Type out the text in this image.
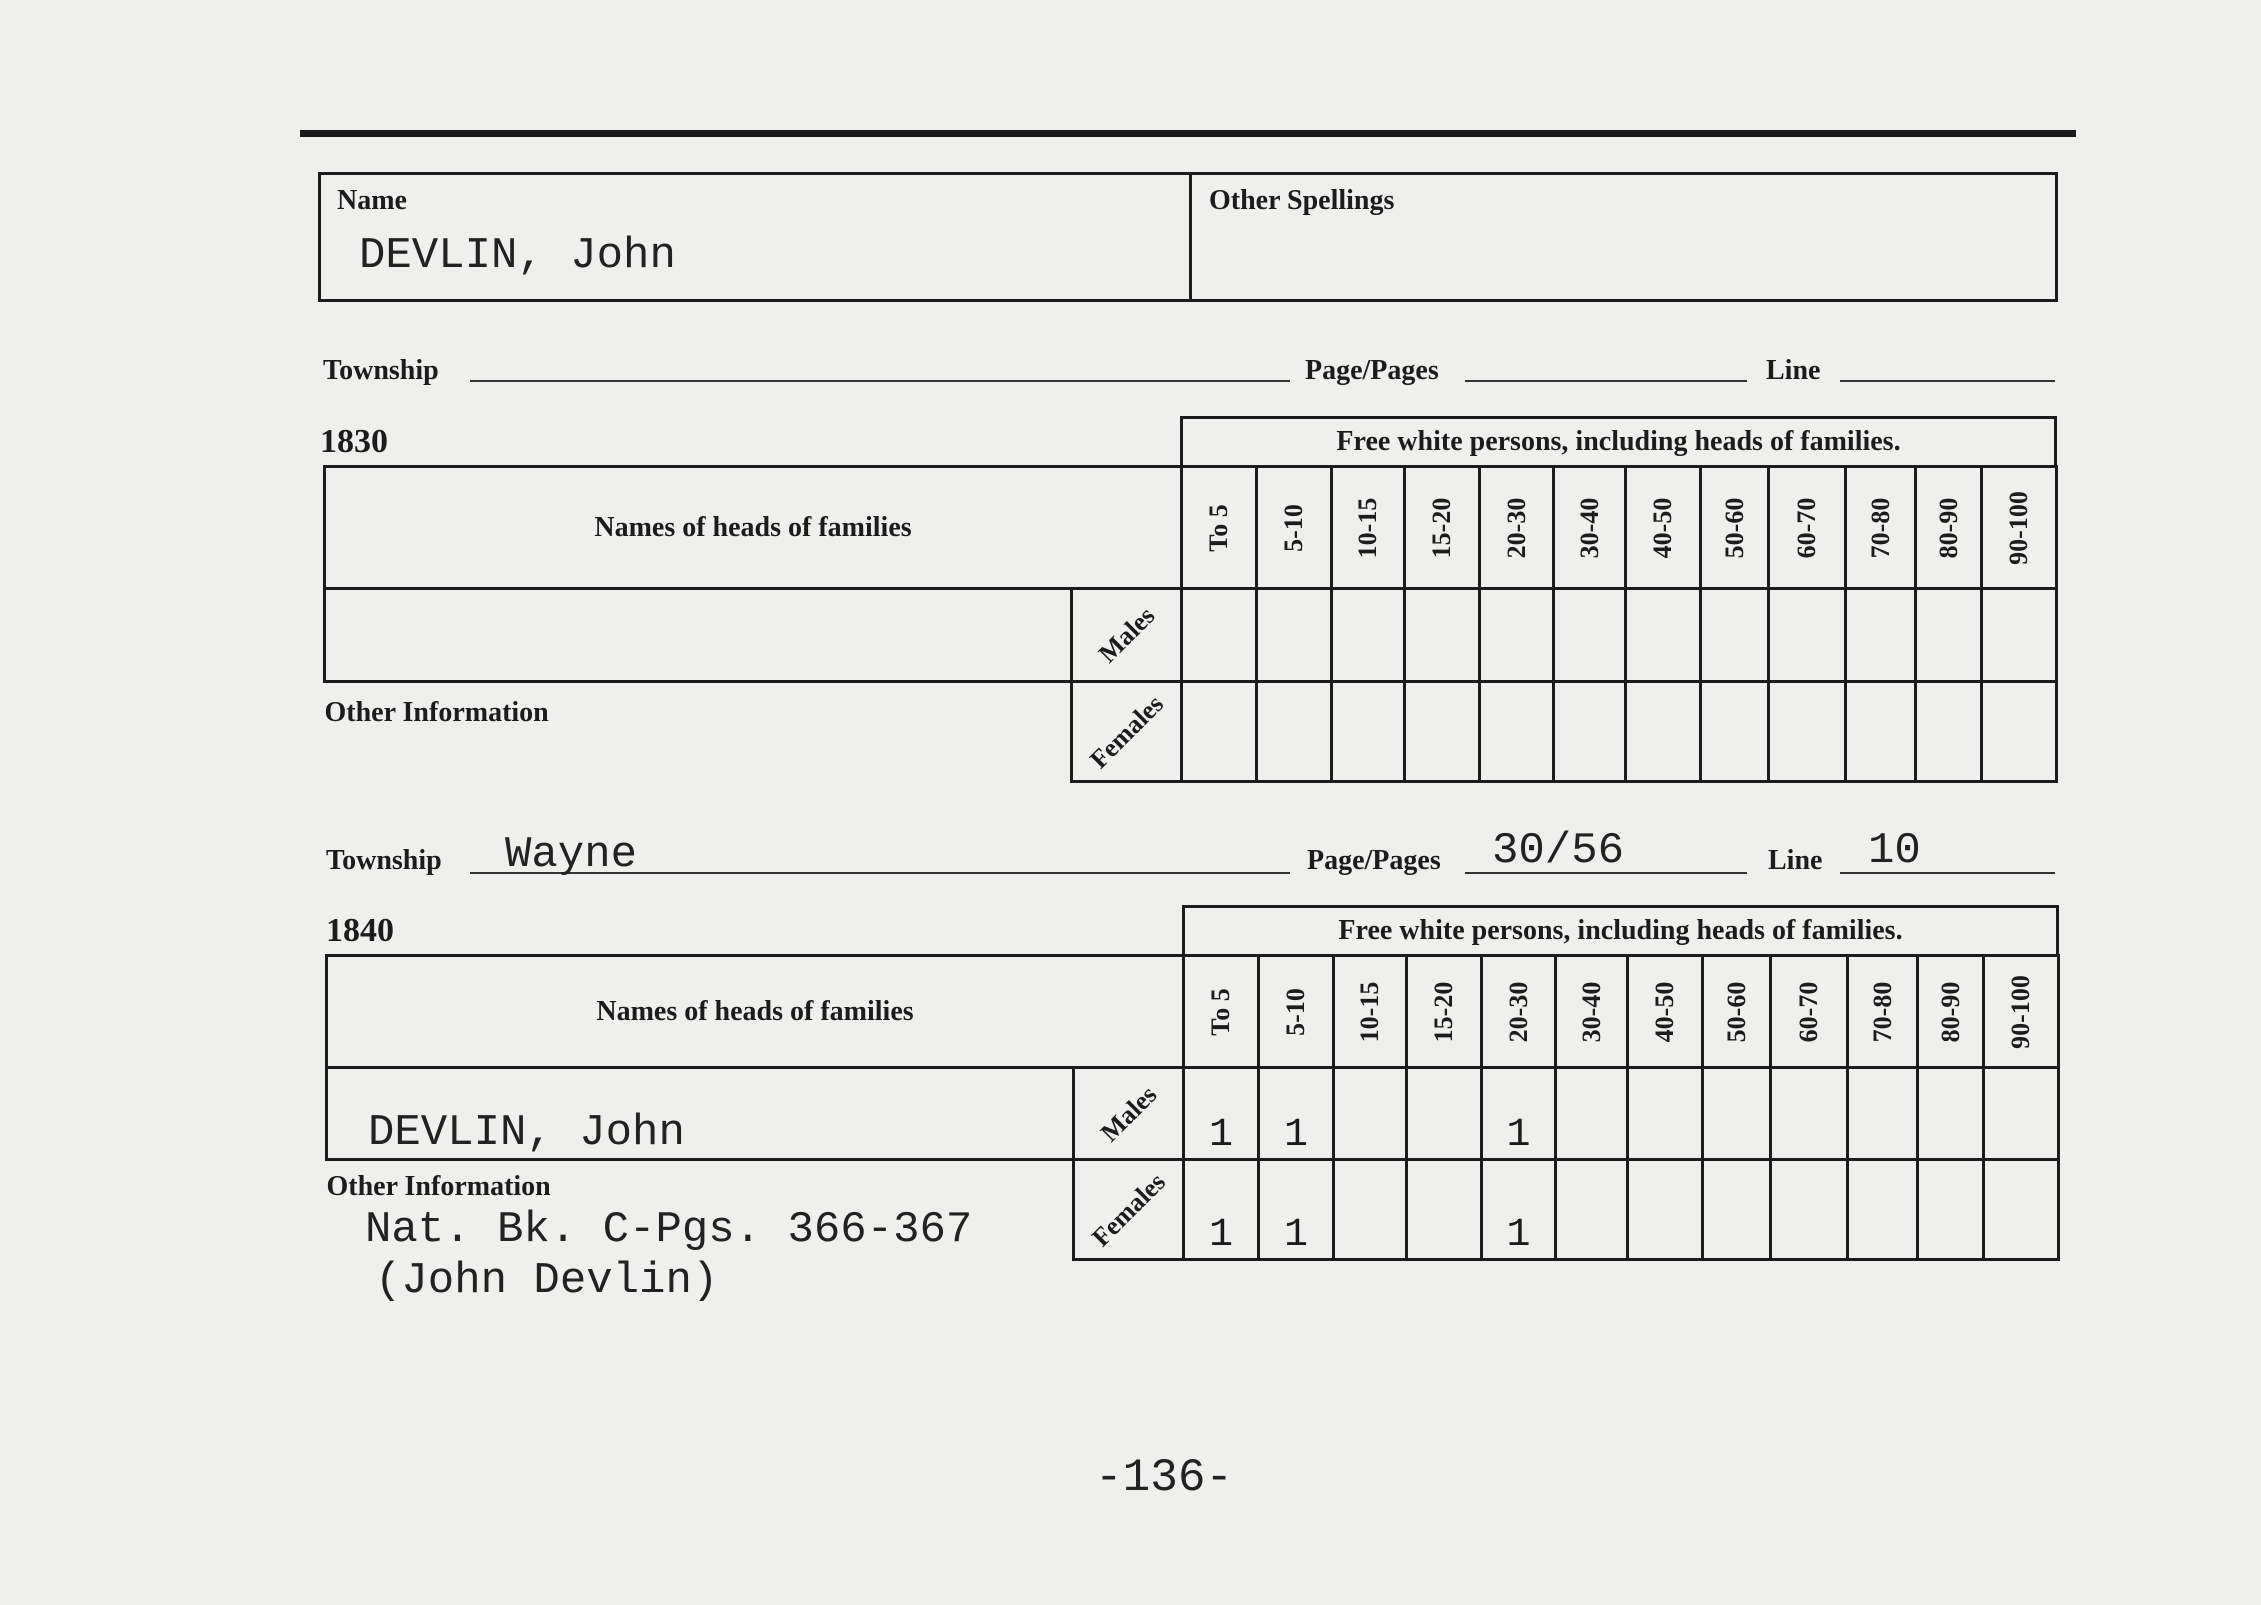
Name
DEVLIN, John
Other Spellings
Township	Page/Pages	Line
1830	Free white persons, including heads of families.
Names of heads of families		To 5	5-10	10-15	15-20	20-30	30-40	40-50	50-60	60-70	70-80	80-90	90-100

	Males												

Other Information	Females												

Township Wayne	Page/Pages 30/56	Line 10
1840	Free white persons, including heads of families.
Names of heads of families		To 5	5-10	10-15	15-20	20-30	30-40	40-50	50-60	60-70	70-80	80-90	90-100

DEVLIN, John	Males	1	1			1							

Other Information	Females	1	1			1							
Nat. Bk. C-Pgs. 366-367
(John Devlin)
-136-
